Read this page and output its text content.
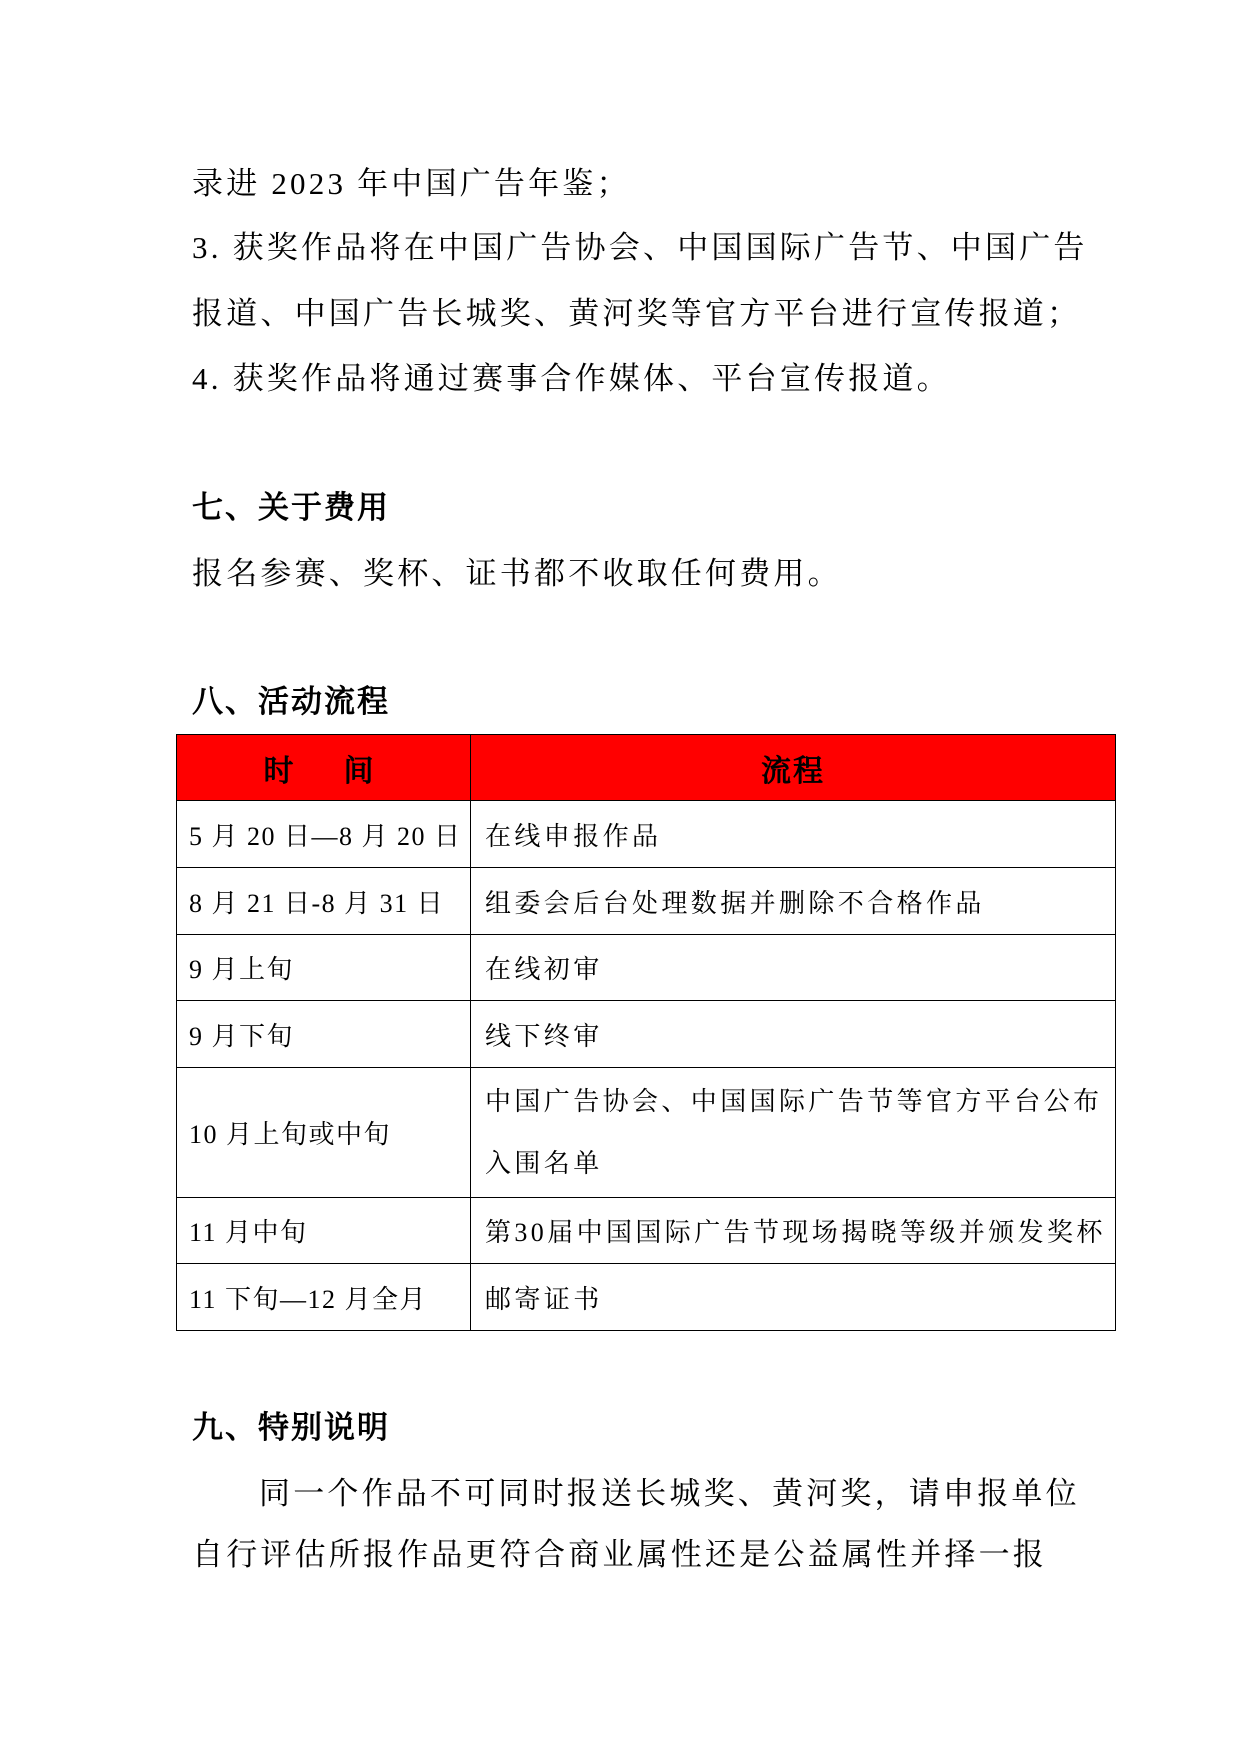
录进 2023 年中国广告年鉴；
3. 获奖作品将在中国广告协会、中国国际广告节、中国广告
报道、中国广告长城奖、黄河奖等官方平台进行宣传报道；
4. 获奖作品将通过赛事合作媒体、平台宣传报道。
七、关于费用
报名参赛、奖杯、证书都不收取任何费用。
八、活动流程
时　间	流程
5 月 20 日—8 月 20 日	在线申报作品
8 月 21 日-8 月 31 日	组委会后台处理数据并删除不合格作品
9 月上旬	在线初审
9 月下旬	线下终审
10 月上旬或中旬	中国广告协会、中国国际广告节等官方平台公布
入围名单

11 月中旬	第30届中国国际广告节现场揭晓等级并颁发奖杯
11 下旬—12 月全月	邮寄证书
九、特别说明
同一个作品不可同时报送长城奖、黄河奖，请申报单位
自行评估所报作品更符合商业属性还是公益属性并择一报
